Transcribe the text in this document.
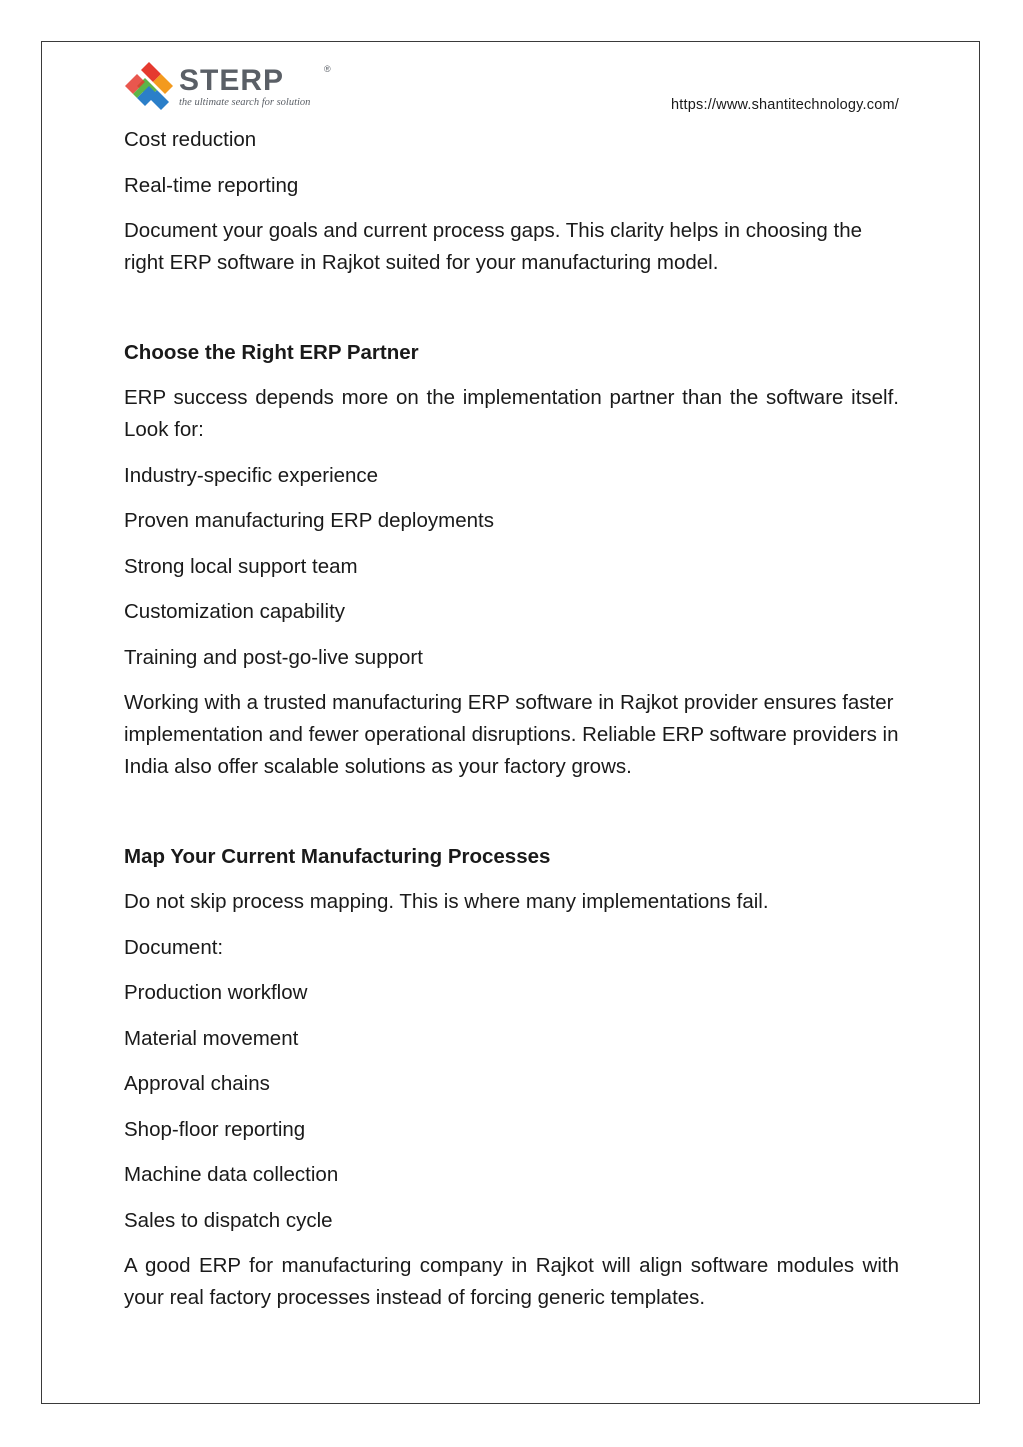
STERP	®
the ultimate search for solution	https://www.shantitechnology.com/

Cost reduction

Real-time reporting

Document your goals and current process gaps. This clarity helps in choosing the right ERP software in Rajkot suited for your manufacturing model.

Choose the Right ERP Partner

ERP success depends more on the implementation partner than the software itself. Look for:

Industry-specific experience

Proven manufacturing ERP deployments

Strong local support team

Customization capability

Training and post-go-live support

Working with a trusted manufacturing ERP software in Rajkot provider ensures faster implementation and fewer operational disruptions. Reliable ERP software providers in India also offer scalable solutions as your factory grows.

Map Your Current Manufacturing Processes

Do not skip process mapping. This is where many implementations fail.

Document:

Production workflow

Material movement

Approval chains

Shop-floor reporting

Machine data collection

Sales to dispatch cycle

A good ERP for manufacturing company in Rajkot will align software modules with your real factory processes instead of forcing generic templates.
